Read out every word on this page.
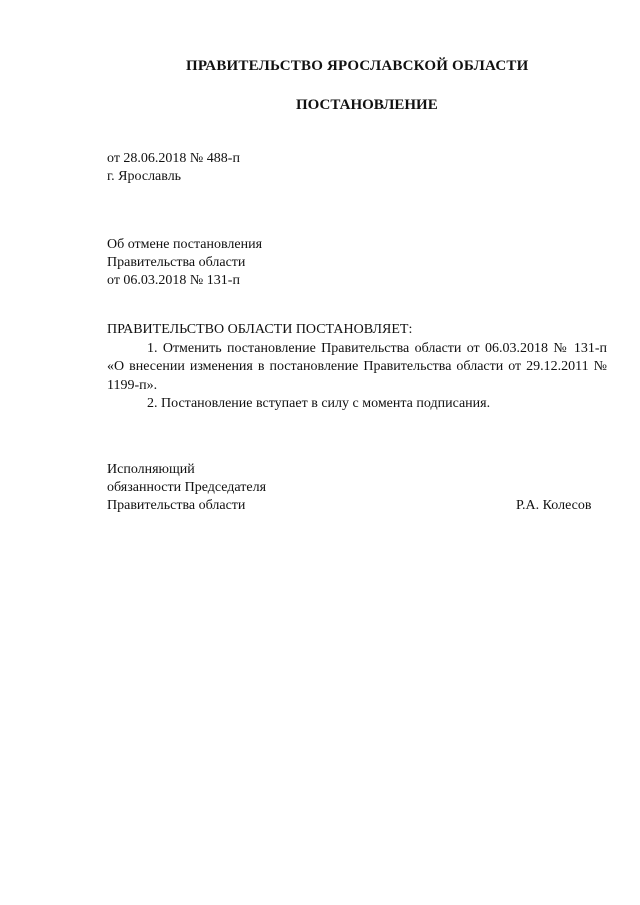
ПРАВИТЕЛЬСТВО ЯРОСЛАВСКОЙ ОБЛАСТИ
ПОСТАНОВЛЕНИЕ
от 28.06.2018 № 488-п
г. Ярославль
Об отмене постановления
Правительства области
от 06.03.2018 № 131-п

ПРАВИТЕЛЬСТВО ОБЛАСТИ ПОСТАНОВЛЯЕТ:

1. Отменить постановление Правительства области от 06.03.2018 № 131-п «О внесении изменения в постановление Правительства области от 29.12.2011 № 1199-п».

2. Постановление вступает в силу с момента подписания.

Исполняющий
обязанности Председателя
Правительства области	Р.А. Колесов
